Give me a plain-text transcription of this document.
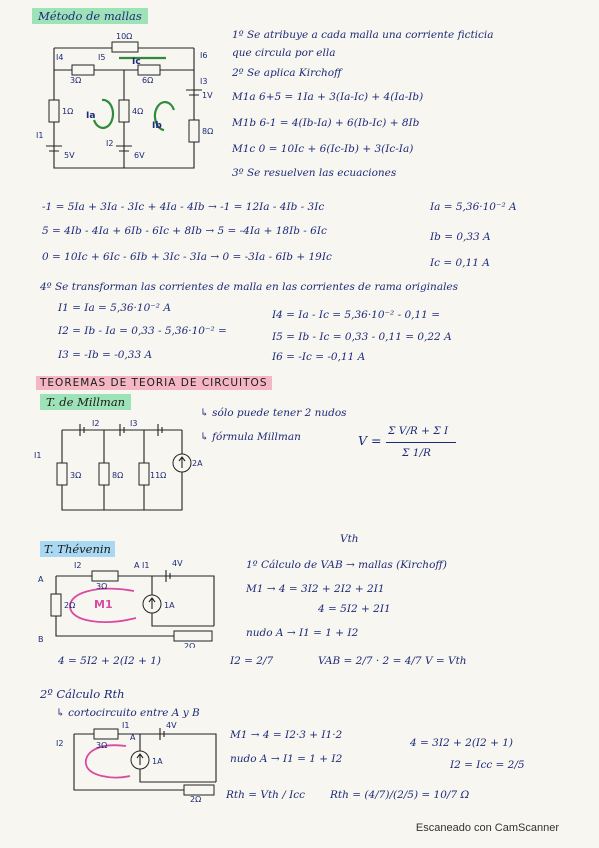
Método de mallas
1º Se atribuye a cada malla una corriente ficticia
que circula por ella
2º Se aplica Kirchoff
M1a 6+5 = 1Ia + 3(Ia-Ic) + 4(Ia-Ib)
M1b 6-1 = 4(Ib-Ia) + 6(Ib-Ic) + 8Ib
M1c 0 = 10Ic + 6(Ic-Ib) + 3(Ic-Ia)
3º Se resuelven las ecuaciones
10Ω
3Ω	6Ω
1Ω	4Ω
8Ω
5V	6V
1V
I4	I5	I6
I1
I2
I3
Ic
Ia
Ib
-1 = 5Ia + 3Ia - 3Ic + 4Ia - 4Ib → -1 = 12Ia - 4Ib - 3Ic
5 = 4Ib - 4Ia + 6Ib - 6Ic + 8Ib → 5 = -4Ia + 18Ib - 6Ic
0 = 10Ic + 6Ic - 6Ib + 3Ic - 3Ia → 0 = -3Ia - 6Ib + 19Ic
Ia = 5,36·10⁻² A
Ib = 0,33 A
Ic = 0,11 A
4º Se transforman las corrientes de malla en las corrientes de rama originales
I1 = Ia = 5,36·10⁻² A
I2 = Ib - Ia = 0,33 - 5,36·10⁻² =
I3 = -Ib = -0,33 A
I4 = Ia - Ic = 5,36·10⁻² - 0,11 =
I5 = Ib - Ic = 0,33 - 0,11 = 0,22 A
I6 = -Ic = -0,11 A
TEOREMAS DE TEORIA DE CIRCUITOS
T. de Millman
↳ sólo puede tener 2 nudos
↳ fórmula Millman	V =
Σ V/R + Σ I
Σ 1/R
I1
I2	I3
3Ω	8Ω	11Ω
2A
T. Thévenin
Vth
1º Cálculo de VAB → mallas (Kirchoff)
M1 → 4 = 3I2 + 2I2 + 2I1
4 = 5I2 + 2I1
nudo A → I1 = 1 + I2
4 = 5I2 + 2(I2 + 1)	I2 = 2/7	VAB = 2/7 · 2 = 4/7 V = Vth
A
B
I2	A I1	4V
3Ω
2Ω
2Ω
M1	1A
2º Cálculo Rth
↳ cortocircuito entre A y B
M1 → 4 = I2·3 + I1·2
nudo A → I1 = 1 + I2
4 = 3I2 + 2(I2 + 1)
I2 = Icc = 2/5
Rth = Vth / Icc Rth = (4/7)/(2/5) = 10/7 Ω
I2
I1
A
4V
3Ω
2Ω
1A
Escaneado con CamScanner
